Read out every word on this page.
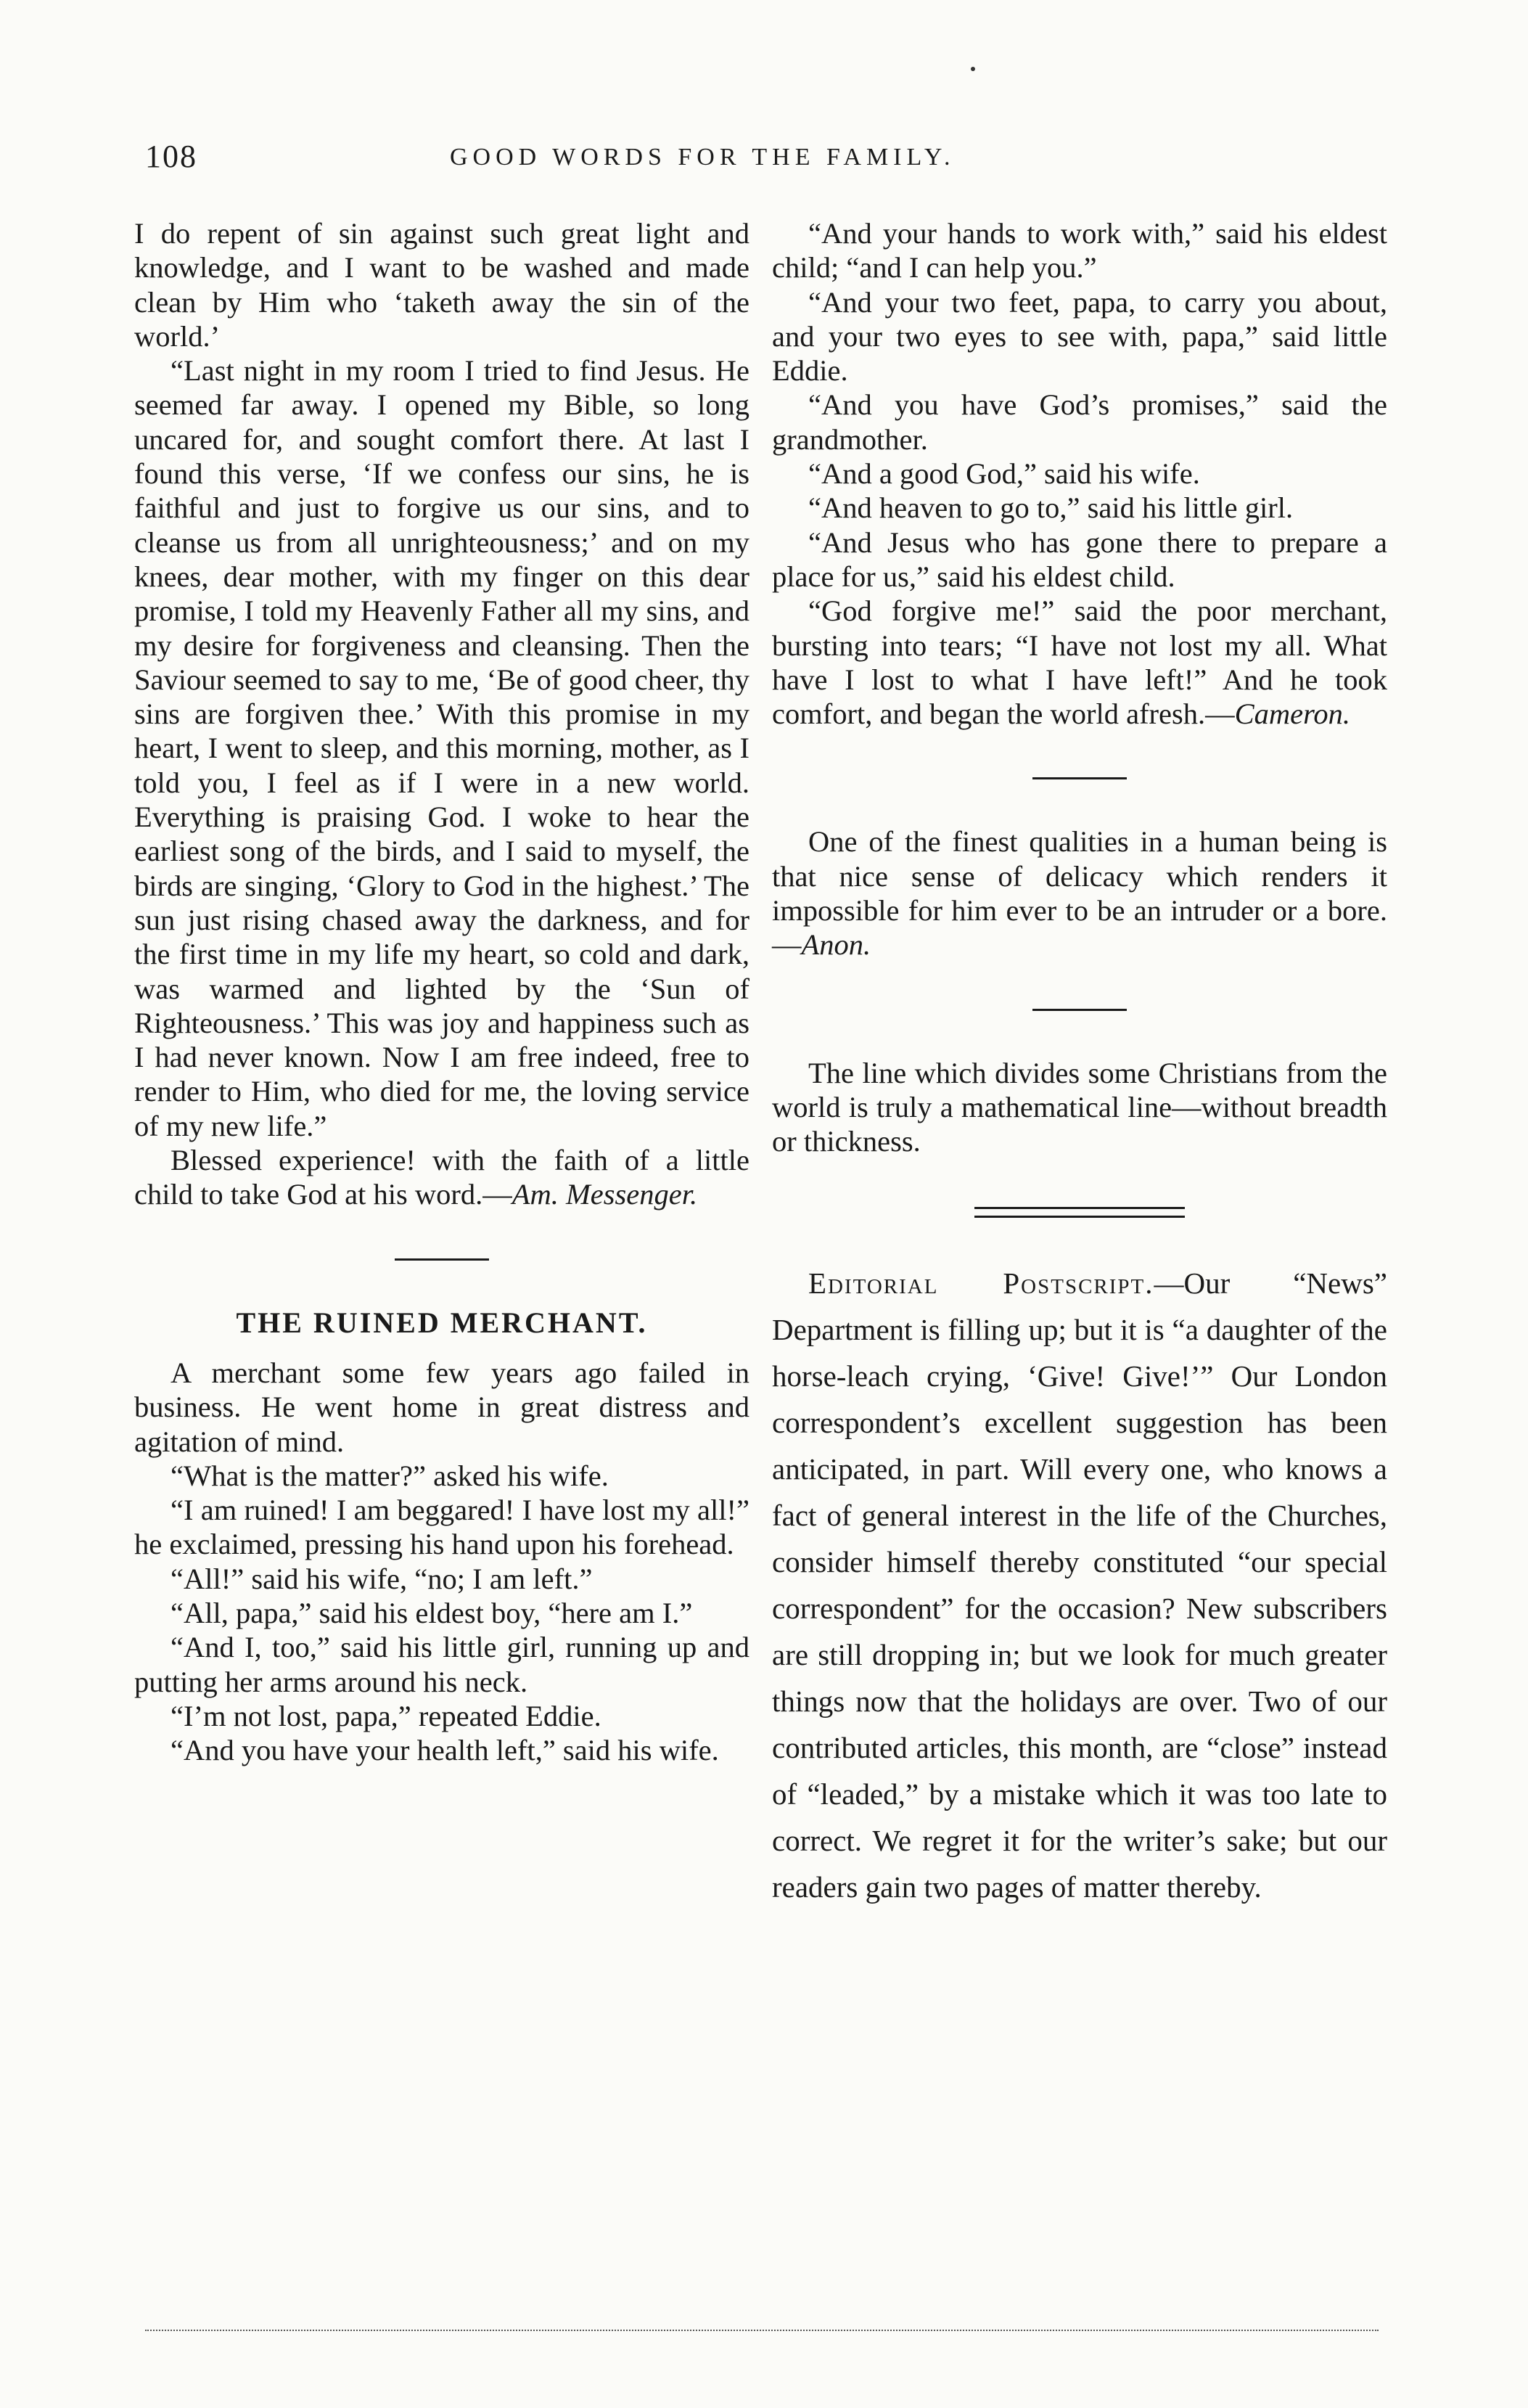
108	GOOD WORDS FOR THE FAMILY.

I do repent of sin against such great light and knowledge, and I want to be washed and made clean by Him who ‘taketh away the sin of the world.’

“Last night in my room I tried to find Jesus. He seemed far away. I opened my Bible, so long uncared for, and sought comfort there. At last I found this verse, ‘If we confess our sins, he is faithful and just to forgive us our sins, and to cleanse us from all unrighteousness;’ and on my knees, dear mother, with my finger on this dear promise, I told my Heavenly Father all my sins, and my desire for forgiveness and cleansing. Then the Saviour seemed to say to me, ‘Be of good cheer, thy sins are forgiven thee.’ With this promise in my heart, I went to sleep, and this morning, mother, as I told you, I feel as if I were in a new world. Everything is praising God. I woke to hear the earliest song of the birds, and I said to myself, the birds are singing, ‘Glory to God in the highest.’ The sun just rising chased away the darkness, and for the first time in my life my heart, so cold and dark, was warmed and lighted by the ‘Sun of Righteousness.’ This was joy and happiness such as I had never known. Now I am free indeed, free to render to Him, who died for me, the loving service of my new life.”

Blessed experience! with the faith of a little child to take God at his word.—Am. Messenger.

THE RUINED MERCHANT.

A merchant some few years ago failed in business. He went home in great distress and agitation of mind.

“What is the matter?” asked his wife.

“I am ruined! I am beggared! I have lost my all!” he exclaimed, pressing his hand upon his forehead.

“All!” said his wife, “no; I am left.”

“All, papa,” said his eldest boy, “here am I.”

“And I, too,” said his little girl, running up and putting her arms around his neck.

“I’m not lost, papa,” repeated Eddie.

“And you have your health left,” said his wife.

“And your hands to work with,” said his eldest child; “and I can help you.”

“And your two feet, papa, to carry you about, and your two eyes to see with, papa,” said little Eddie.

“And you have God’s promises,” said the grandmother.

“And a good God,” said his wife.

“And heaven to go to,” said his little girl.

“And Jesus who has gone there to prepare a place for us,” said his eldest child.

“God forgive me!” said the poor merchant, bursting into tears; “I have not lost my all. What have I lost to what I have left!” And he took comfort, and began the world afresh.—Cameron.

One of the finest qualities in a human being is that nice sense of delicacy which renders it impossible for him ever to be an intruder or a bore.—Anon.

The line which divides some Christians from the world is truly a mathematical line—without breadth or thickness.

Editorial Postscript.—Our “News” Department is filling up; but it is “a daughter of the horse-leach crying, ‘Give! Give!’” Our London correspondent’s excellent suggestion has been anticipated, in part. Will every one, who knows a fact of general interest in the life of the Churches, consider himself thereby constituted “our special correspondent” for the occasion? New subscribers are still dropping in; but we look for much greater things now that the holidays are over. Two of our contributed articles, this month, are “close” instead of “leaded,” by a mistake which it was too late to correct. We regret it for the writer’s sake; but our readers gain two pages of matter thereby.
